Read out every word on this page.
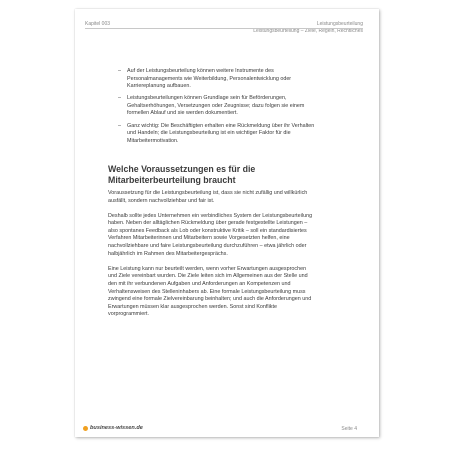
Kapitel 003	Leistungsbeurteilung
Leistungsbeurteilung – Ziele, Regeln, Rechtliches
– Auf der Leistungsbeurteilung können weitere Instrumente des
Personalmanagements wie Weiterbildung, Personalentwicklung oder
Karriereplanung aufbauen.
– Leistungsbeurteilungen können Grundlage sein für Beförderungen,
Gehaltserhöhungen, Versetzungen oder Zeugnisse; dazu folgen sie einem
formellen Ablauf und sie werden dokumentiert.
– Ganz wichtig: Die Beschäftigten erhalten eine Rückmeldung über ihr Verhalten
und Handeln; die Leistungsbeurteilung ist ein wichtiger Faktor für die
Mitarbeitermotivation.
Welche Voraussetzungen es für die
Mitarbeiterbeurteilung braucht
Voraussetzung für die Leistungsbeurteilung ist, dass sie nicht zufällig und willkürlich
ausfällt, sondern nachvollziehbar und fair ist.
Deshalb sollte jedes Unternehmen ein verbindliches System der Leistungsbeurteilung
haben. Neben der alltäglichen Rückmeldung über gerade festgestellte Leistungen –
also spontanes Feedback als Lob oder konstruktive Kritik – soll ein standardisiertes
Verfahren Mitarbeiterinnen und Mitarbeitern sowie Vorgesetzten helfen, eine
nachvollziehbare und faire Leistungsbeurteilung durchzuführen – etwa jährlich oder
halbjährlich im Rahmen des Mitarbeitergesprächs.
Eine Leistung kann nur beurteilt werden, wenn vorher Erwartungen ausgesprochen
und Ziele vereinbart wurden. Die Ziele leiten sich im Allgemeinen aus der Stelle und
den mit ihr verbundenen Aufgaben und Anforderungen an Kompetenzen und
Verhaltensweisen des Stelleninhabers ab. Eine formale Leistungsbeurteilung muss
zwingend eine formale Zielvereinbarung beinhalten; und auch die Anforderungen und
Erwartungen müssen klar ausgesprochen werden. Sonst sind Konflikte
vorprogrammiert.
business-wissen.de	Seite 4
